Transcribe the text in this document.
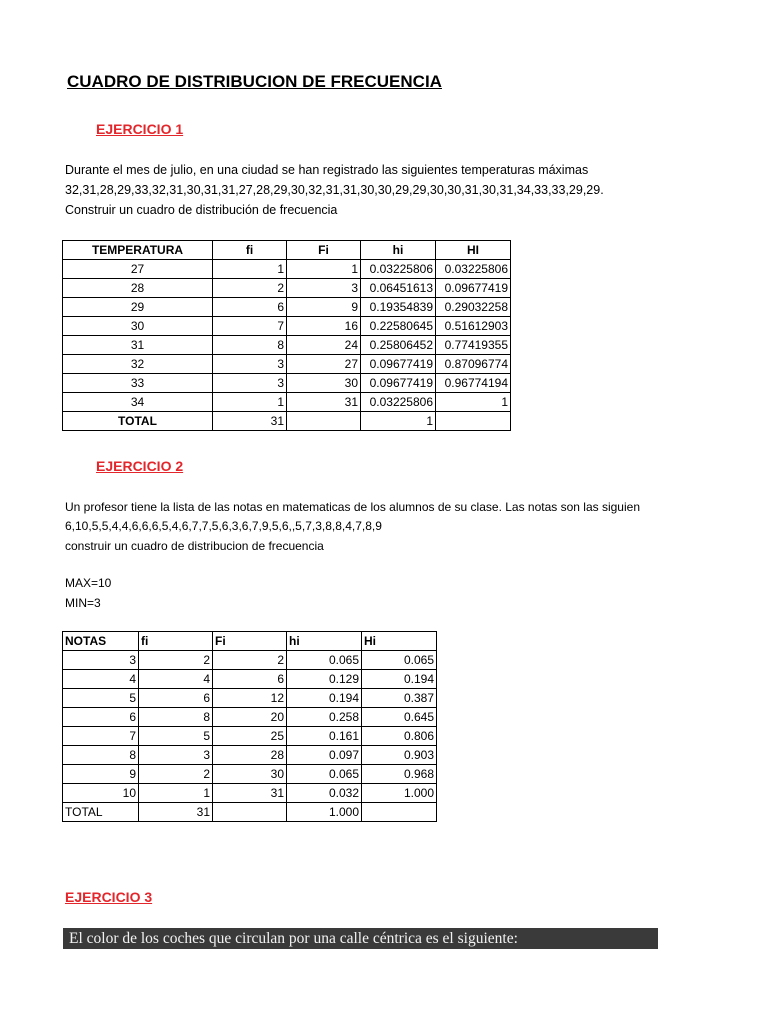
CUADRO DE DISTRIBUCION DE FRECUENCIA
EJERCICIO 1
Durante el mes de julio, en una ciudad se han registrado las siguientes temperaturas máximas
32,31,28,29,33,32,31,30,31,31,27,28,29,30,32,31,31,30,30,29,29,30,30,31,30,31,34,33,33,29,29.
Construir un cuadro de distribución de frecuencia
TEMPERATURA	fi	Fi	hi	HI
27	1	1	0.03225806	0.03225806
28	2	3	0.06451613	0.09677419
29	6	9	0.19354839	0.29032258
30	7	16	0.22580645	0.51612903
31	8	24	0.25806452	0.77419355
32	3	27	0.09677419	0.87096774
33	3	30	0.09677419	0.96774194
34	1	31	0.03225806	1
TOTAL	31		1	
EJERCICIO 2
Un profesor tiene la lista de las notas en matematicas de los alumnos de su clase. Las notas son las siguien
6,10,5,5,4,4,6,6,6,5,4,6,7,7,5,6,3,6,7,9,5,6,,5,7,3,8,8,4,7,8,9
construir un cuadro de distribucion de frecuencia
MAX=10
MIN=3
NOTAS	fi	Fi	hi	Hi
3	2	2	0.065	0.065
4	4	6	0.129	0.194
5	6	12	0.194	0.387
6	8	20	0.258	0.645
7	5	25	0.161	0.806
8	3	28	0.097	0.903
9	2	30	0.065	0.968
10	1	31	0.032	1.000
TOTAL	31		1.000	
EJERCICIO 3
El color de los coches que circulan por una calle céntrica es el siguiente:
